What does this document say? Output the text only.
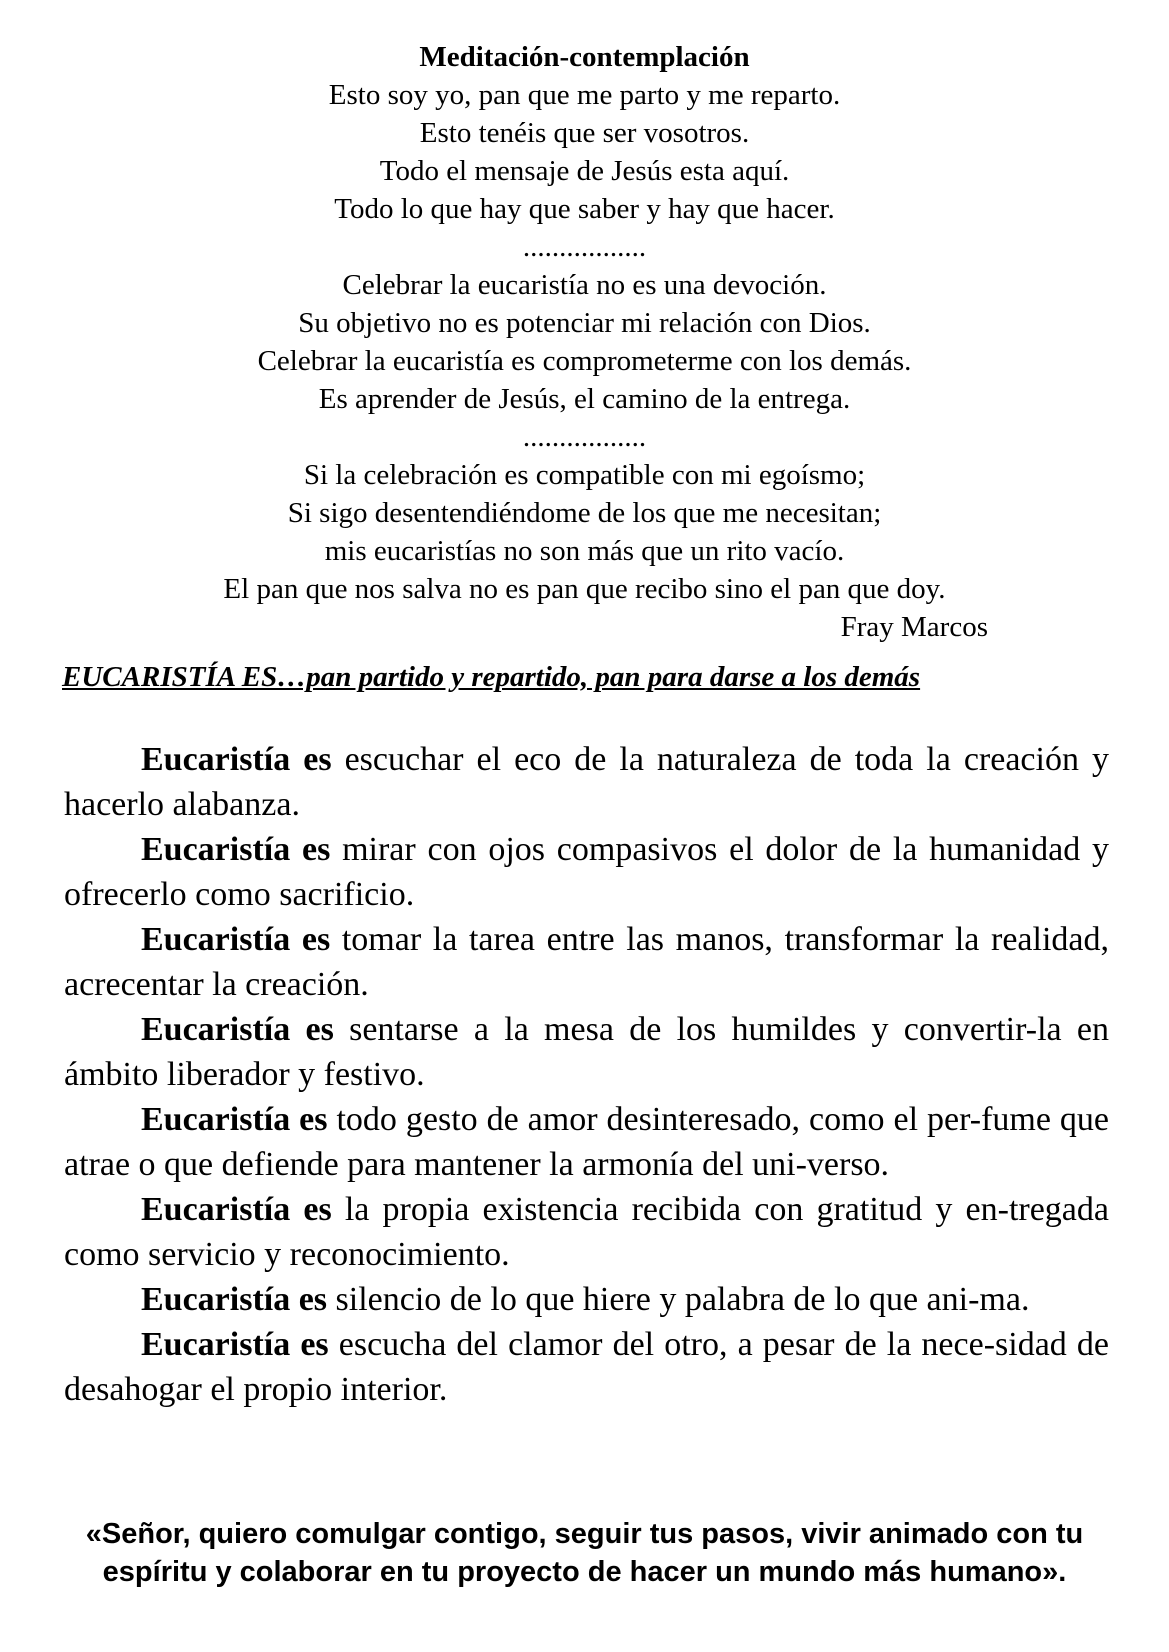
Meditación-contemplación
Esto soy yo, pan que me parto y me reparto.
Esto tenéis que ser vosotros.
Todo el mensaje de Jesús esta aquí.
Todo lo que hay que saber y hay que hacer.
.................
Celebrar la eucaristía no es una devoción.
Su objetivo no es potenciar mi relación con Dios.
Celebrar la eucaristía es comprometerme con los demás.
Es aprender de Jesús, el camino de la entrega.
.................
Si la celebración es compatible con mi egoísmo;
Si sigo desentendiéndome de los que me necesitan;
mis eucaristías no son más que un rito vacío.
El pan que nos salva no es pan que recibo sino el pan que doy.
Fray Marcos
EUCARISTÍA ES…pan partido y repartido, pan para darse a los demás

Eucaristía es escuchar el eco de la naturaleza de toda la creación y hacerlo alabanza.

Eucaristía es mirar con ojos compasivos el dolor de la humanidad y ofrecerlo como sacrificio.

Eucaristía es tomar la tarea entre las manos, transformar la realidad, acrecentar la creación.

Eucaristía es sentarse a la mesa de los humildes y convertir-la en ámbito liberador y festivo.

Eucaristía es todo gesto de amor desinteresado, como el per-fume que atrae o que defiende para mantener la armonía del uni-verso.

Eucaristía es la propia existencia recibida con gratitud y en-tregada como servicio y reconocimiento.

Eucaristía es silencio de lo que hiere y palabra de lo que ani-ma.

Eucaristía es escucha del clamor del otro, a pesar de la nece-sidad de desahogar el propio interior.

«Señor, quiero comulgar contigo, seguir tus pasos, vivir animado con tu espíritu y colaborar en tu proyecto de hacer un mundo más humano».
